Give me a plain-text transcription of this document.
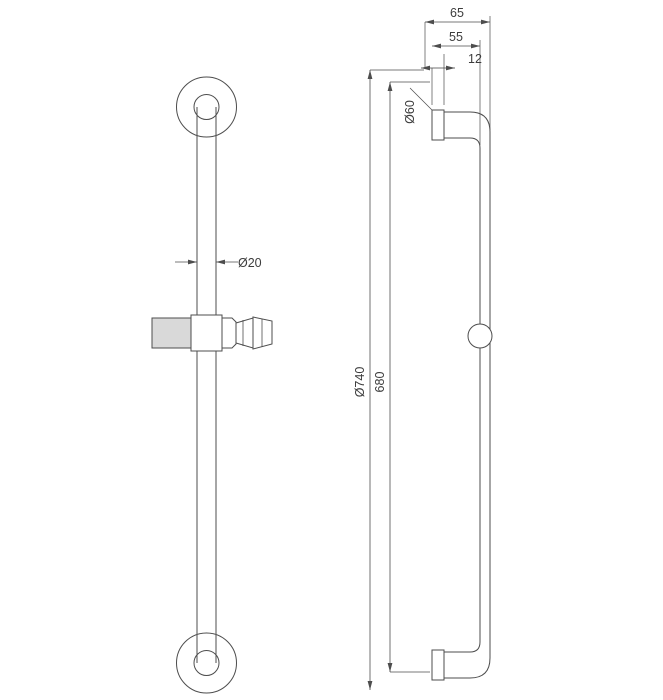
Ø20
65
55
12
Ø60
Ø740 680
